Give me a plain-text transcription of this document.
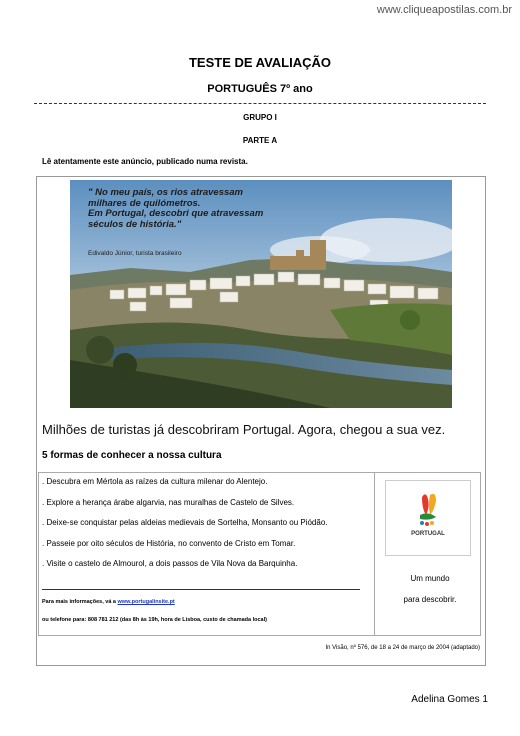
www.cliqueapostilas.com.br
TESTE DE AVALIAÇÃO
PORTUGUÊS 7º ano
GRUPO I
PARTE A
Lê atentamente este anúncio, publicado numa revista.
" No meu país, os rios atravessam
milhares de quilómetros.
Em Portugal, descobri que atravessam
séculos de história."
Edivaldo Júnior, turista brasileiro
Milhões de turistas já descobriram Portugal. Agora, chegou a sua vez.
5 formas de conhecer a nossa cultura
. Descubra em Mértola as raízes da cultura milenar do Alentejo.
. Explore a herança árabe algarvia, nas muralhas de Castelo de Silves.
. Deixe-se conquistar pelas aldeias medievais de Sortelha, Monsanto ou Piódão.
. Passeie por oito séculos de História, no convento de Cristo em Tomar.
. Visite o castelo de Almourol, a dois passos de Vila Nova da Barquinha.
Para mais informações, vá a www.portugalinsite.pt
ou telefone para: 808 781 212 (das 8h às 19h, hora de Lisboa, custo de chamada local)
PORTUGAL
Um mundo
para descobrir.
In Visão, nº 576, de 18 a 24 de março de 2004 (adaptado)
Adelina Gomes 1
